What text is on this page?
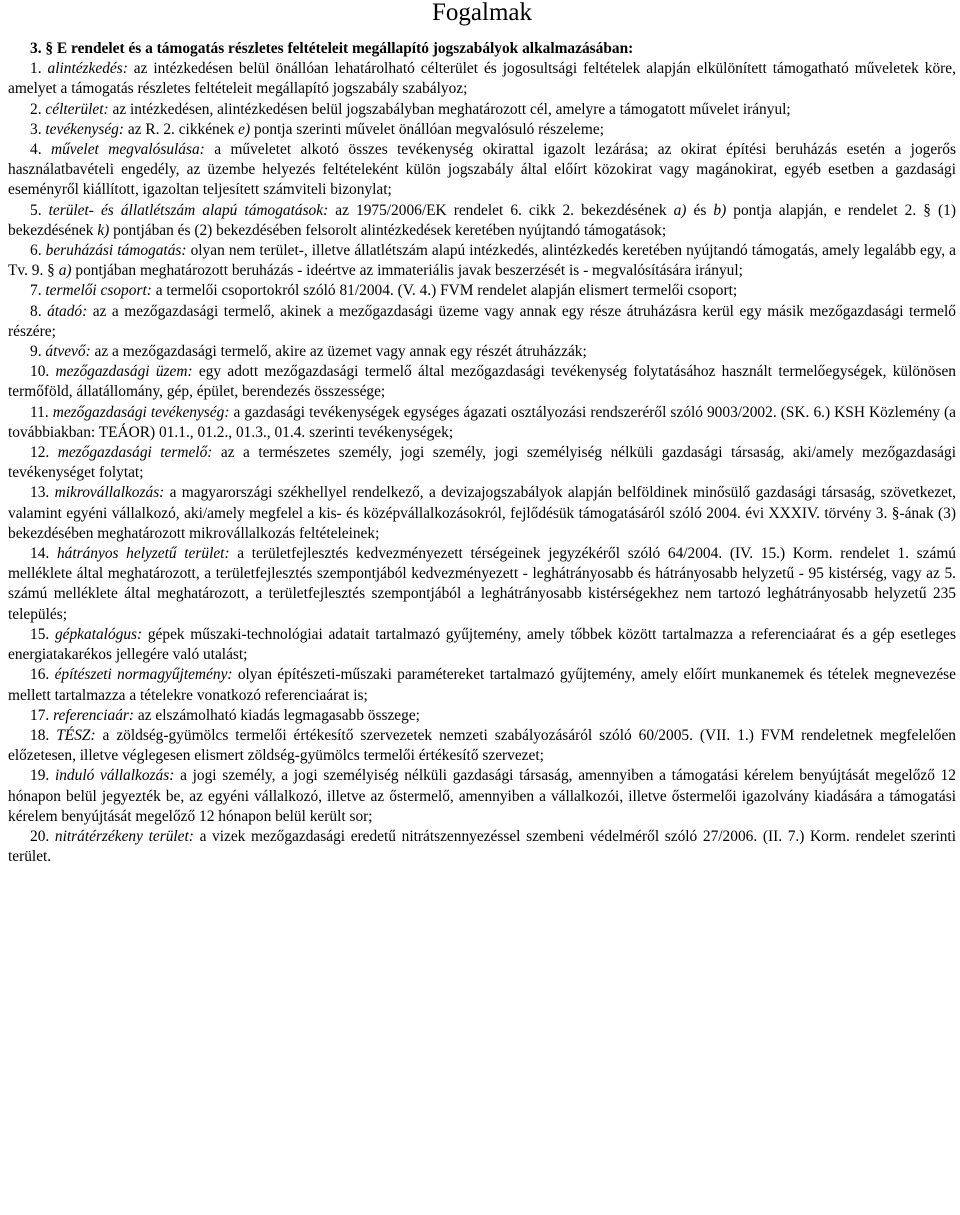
Fogalmak
3. § E rendelet és a támogatás részletes feltételeit megállapító jogszabályok alkalmazásában:

1. alintézkedés: az intézkedésen belül önállóan lehatárolható célterület és jogosultsági feltételek alapján elkülönített támogatható műveletek köre, amelyet a támogatás részletes feltételeit megállapító jogszabály szabályoz;

2. célterület: az intézkedésen, alintézkedésen belül jogszabályban meghatározott cél, amelyre a támogatott művelet irányul;

3. tevékenység: az R. 2. cikkének e) pontja szerinti művelet önállóan megvalósuló részeleme;

4. művelet megvalósulása: a műveletet alkotó összes tevékenység okirattal igazolt lezárása; az okirat építési beruházás esetén a jogerős használatbavételi engedély, az üzembe helyezés feltételeként külön jogszabály által előírt közokirat vagy magánokirat, egyéb esetben a gazdasági eseményről kiállított, igazoltan teljesített számviteli bizonylat;

5. terület- és állatlétszám alapú támogatások: az 1975/2006/EK rendelet 6. cikk 2. bekezdésének a) és b) pontja alapján, e rendelet 2. § (1) bekezdésének k) pontjában és (2) bekezdésében felsorolt alintézkedések keretében nyújtandó támogatások;

6. beruházási támogatás: olyan nem terület-, illetve állatlétszám alapú intézkedés, alintézkedés keretében nyújtandó támogatás, amely legalább egy, a Tv. 9. § a) pontjában meghatározott beruházás - ideértve az immateriális javak beszerzését is - megvalósítására irányul;

7. termelői csoport: a termelői csoportokról szóló 81/2004. (V. 4.) FVM rendelet alapján elismert termelői csoport;

8. átadó: az a mezőgazdasági termelő, akinek a mezőgazdasági üzeme vagy annak egy része átruházásra kerül egy másik mezőgazdasági termelő részére;

9. átvevő: az a mezőgazdasági termelő, akire az üzemet vagy annak egy részét átruházzák;

10. mezőgazdasági üzem: egy adott mezőgazdasági termelő által mezőgazdasági tevékenység folytatásához használt termelőegységek, különösen termőföld, állatállomány, gép, épület, berendezés összessége;

11. mezőgazdasági tevékenység: a gazdasági tevékenységek egységes ágazati osztályozási rendszeréről szóló 9003/2002. (SK. 6.) KSH Közlemény (a továbbiakban: TEÁOR) 01.1., 01.2., 01.3., 01.4. szerinti tevékenységek;

12. mezőgazdasági termelő: az a természetes személy, jogi személy, jogi személyiség nélküli gazdasági társaság, aki/amely mezőgazdasági tevékenységet folytat;

13. mikrovállalkozás: a magyarországi székhellyel rendelkező, a devizajogszabályok alapján belföldinek minősülő gazdasági társaság, szövetkezet, valamint egyéni vállalkozó, aki/amely megfelel a kis- és középvállalkozásokról, fejlődésük támogatásáról szóló 2004. évi XXXIV. törvény 3. §-ának (3) bekezdésében meghatározott mikrovállalkozás feltételeinek;

14. hátrányos helyzetű terület: a területfejlesztés kedvezményezett térségeinek jegyzékéről szóló 64/2004. (IV. 15.) Korm. rendelet 1. számú melléklete által meghatározott, a területfejlesztés szempontjából kedvezményezett - leghátrányosabb és hátrányosabb helyzetű - 95 kistérség, vagy az 5. számú melléklete által meghatározott, a területfejlesztés szempontjából a leghátrányosabb kistérségekhez nem tartozó leghátrányosabb helyzetű 235 település;

15. gépkatalógus: gépek műszaki-technológiai adatait tartalmazó gyűjtemény, amely tőbbek között tartalmazza a referenciaárat és a gép esetleges energiatakarékos jellegére való utalást;

16. építészeti normagyűjtemény: olyan építészeti-műszaki paramétereket tartalmazó gyűjtemény, amely előírt munkanemek és tételek megnevezése mellett tartalmazza a tételekre vonatkozó referenciaárat is;

17. referenciaár: az elszámolható kiadás legmagasabb összege;

18. TÉSZ: a zöldség-gyümölcs termelői értékesítő szervezetek nemzeti szabályozásáról szóló 60/2005. (VII. 1.) FVM rendeletnek megfelelően előzetesen, illetve véglegesen elismert zöldség-gyümölcs termelői értékesítő szervezet;

19. induló vállalkozás: a jogi személy, a jogi személyiség nélküli gazdasági társaság, amennyiben a támogatási kérelem benyújtását megelőző 12 hónapon belül jegyezték be, az egyéni vállalkozó, illetve az őstermelő, amennyiben a vállalkozói, illetve őstermelői igazolvány kiadására a támogatási kérelem benyújtását megelőző 12 hónapon belül került sor;

20. nitrátérzékeny terület: a vizek mezőgazdasági eredetű nitrátszennyezéssel szembeni védelméről szóló 27/2006. (II. 7.) Korm. rendelet szerinti terület.
